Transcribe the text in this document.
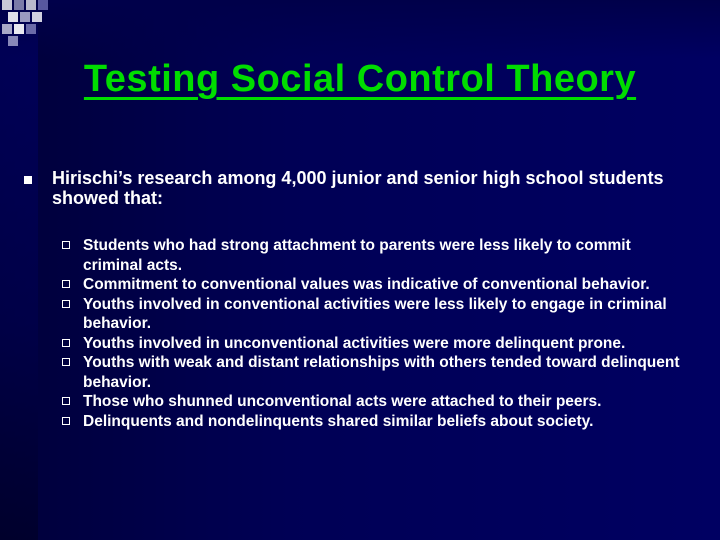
Testing Social Control Theory
Hirischi’s research among 4,000 junior and senior high school students showed that:
Students who had strong attachment to parents were less likely to commit criminal acts.
Commitment to conventional values was indicative of conventional behavior.
Youths involved in conventional activities were less likely to engage in criminal behavior.
Youths involved in unconventional activities were more delinquent prone.
Youths with weak and distant relationships with others tended toward delinquent behavior.
Those who shunned unconventional acts were attached to their peers.
Delinquents and nondelinquents shared similar beliefs about society.
